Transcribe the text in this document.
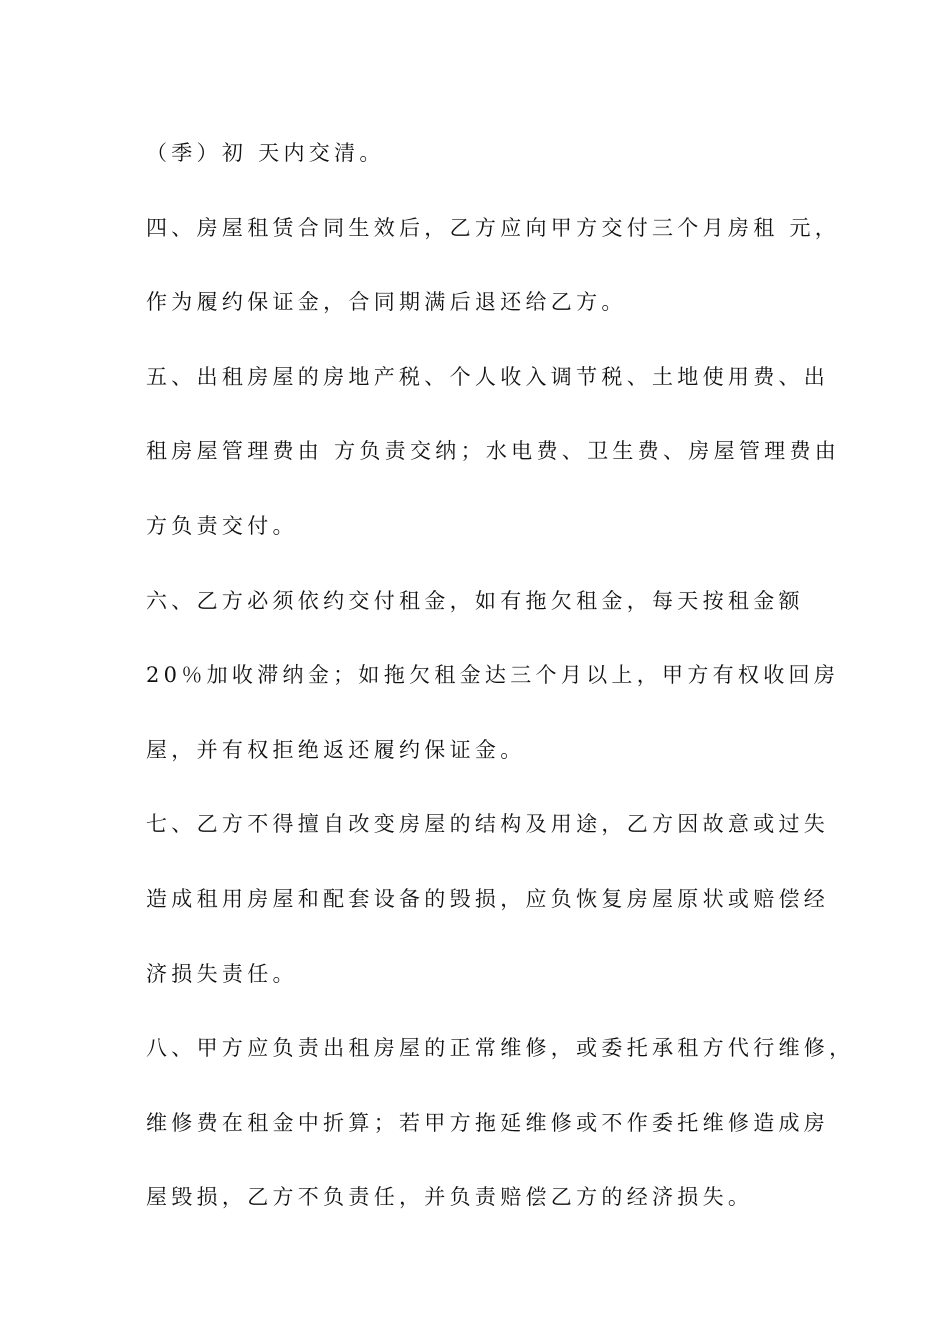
（季）初 天内交清。

四、房屋租赁合同生效后，乙方应向甲方交付三个月房租 元，

作为履约保证金，合同期满后退还给乙方。

五、出租房屋的房地产税、个人收入调节税、土地使用费、出

租房屋管理费由 方负责交纳；水电费、卫生费、房屋管理费由

方负责交付。

六、乙方必须依约交付租金，如有拖欠租金，每天按租金额

20％加收滞纳金；如拖欠租金达三个月以上，甲方有权收回房

屋，并有权拒绝返还履约保证金。

七、乙方不得擅自改变房屋的结构及用途，乙方因故意或过失

造成租用房屋和配套设备的毁损，应负恢复房屋原状或赔偿经

济损失责任。

八、甲方应负责出租房屋的正常维修，或委托承租方代行维修，

维修费在租金中折算；若甲方拖延维修或不作委托维修造成房

屋毁损，乙方不负责任，并负责赔偿乙方的经济损失。
